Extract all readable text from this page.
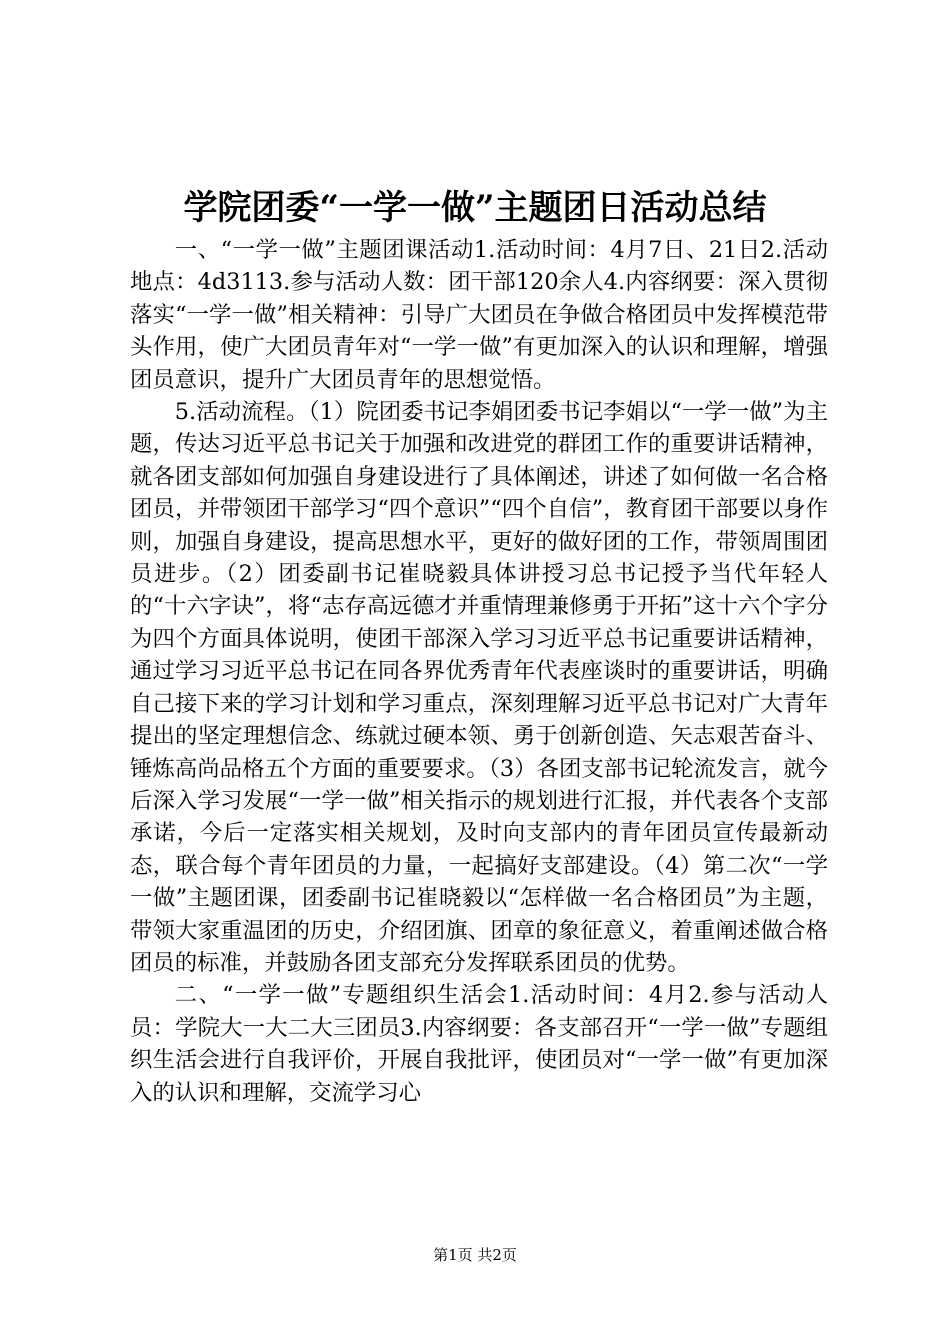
学院团委“一学一做”主题团日活动总结

一、“一学一做”主题团课活动1.活动时间：4月7日、21日2.活动地点：4d3113.参与活动人数：团干部120余人4.内容纲要：深入贯彻落实“一学一做”相关精神：引导广大团员在争做合格团员中发挥模范带头作用，使广大团员青年对“一学一做”有更加深入的认识和理解，增强团员意识，提升广大团员青年的思想觉悟。

5.活动流程。（1）院团委书记李娟团委书记李娟以“一学一做”为主题，传达习近平总书记关于加强和改进党的群团工作的重要讲话精神，就各团支部如何加强自身建设进行了具体阐述，讲述了如何做一名合格团员，并带领团干部学习“四个意识”“四个自信”，教育团干部要以身作则，加强自身建设，提高思想水平，更好的做好团的工作，带领周围团员进步。（2）团委副书记崔晓毅具体讲授习总书记授予当代年轻人的“十六字诀”，将“志存高远德才并重情理兼修勇于开拓”这十六个字分为四个方面具体说明，使团干部深入学习习近平总书记重要讲话精神，通过学习习近平总书记在同各界优秀青年代表座谈时的重要讲话，明确自己接下来的学习计划和学习重点，深刻理解习近平总书记对广大青年提出的坚定理想信念、练就过硬本领、勇于创新创造、矢志艰苦奋斗、锤炼高尚品格五个方面的重要要求。（3）各团支部书记轮流发言，就今后深入学习发展“一学一做”相关指示的规划进行汇报，并代表各个支部承诺，今后一定落实相关规划，及时向支部内的青年团员宣传最新动态，联合每个青年团员的力量，一起搞好支部建设。（4）第二次“一学一做”主题团课，团委副书记崔晓毅以“怎样做一名合格团员”为主题，带领大家重温团的历史，介绍团旗、团章的象征意义，着重阐述做合格团员的标准，并鼓励各团支部充分发挥联系团员的优势。

二、“一学一做”专题组织生活会1.活动时间：4月2.参与活动人员：学院大一大二大三团员3.内容纲要：各支部召开“一学一做”专题组织生活会进行自我评价，开展自我批评，使团员对“一学一做”有更加深入的认识和理解，交流学习心

第1页 共2页
